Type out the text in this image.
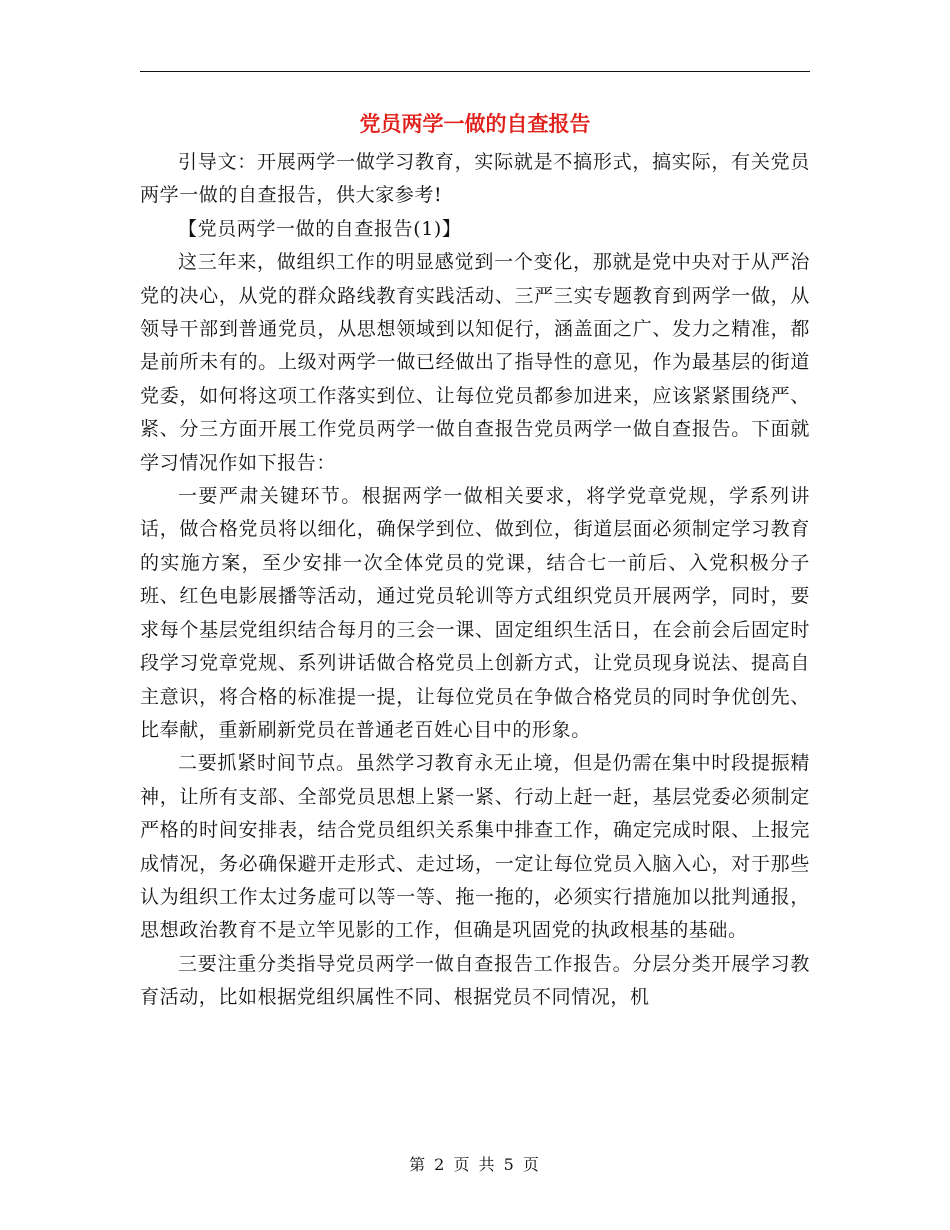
党员两学一做的自查报告

引导文：开展两学一做学习教育，实际就是不搞形式，搞实际，有关党员两学一做的自查报告，供大家参考!

【党员两学一做的自查报告(1)】

这三年来，做组织工作的明显感觉到一个变化，那就是党中央对于从严治党的决心，从党的群众路线教育实践活动、三严三实专题教育到两学一做，从领导干部到普通党员，从思想领域到以知促行，涵盖面之广、发力之精准，都是前所未有的。上级对两学一做已经做出了指导性的意见，作为最基层的街道党委，如何将这项工作落实到位、让每位党员都参加进来，应该紧紧围绕严、紧、分三方面开展工作党员两学一做自查报告党员两学一做自查报告。下面就学习情况作如下报告：

一要严肃关键环节。根据两学一做相关要求，将学党章党规，学系列讲话，做合格党员将以细化，确保学到位、做到位，街道层面必须制定学习教育的实施方案，至少安排一次全体党员的党课，结合七一前后、入党积极分子班、红色电影展播等活动，通过党员轮训等方式组织党员开展两学，同时，要求每个基层党组织结合每月的三会一课、固定组织生活日，在会前会后固定时段学习党章党规、系列讲话做合格党员上创新方式，让党员现身说法、提高自主意识，将合格的标准提一提，让每位党员在争做合格党员的同时争优创先、比奉献，重新刷新党员在普通老百姓心目中的形象。

二要抓紧时间节点。虽然学习教育永无止境，但是仍需在集中时段提振精神，让所有支部、全部党员思想上紧一紧、行动上赶一赶，基层党委必须制定严格的时间安排表，结合党员组织关系集中排查工作，确定完成时限、上报完成情况，务必确保避开走形式、走过场，一定让每位党员入脑入心，对于那些认为组织工作太过务虚可以等一等、拖一拖的，必须实行措施加以批判通报，思想政治教育不是立竿见影的工作，但确是巩固党的执政根基的基础。

三要注重分类指导党员两学一做自查报告工作报告。分层分类开展学习教育活动，比如根据党组织属性不同、根据党员不同情况，机

第 2 页 共 5 页
